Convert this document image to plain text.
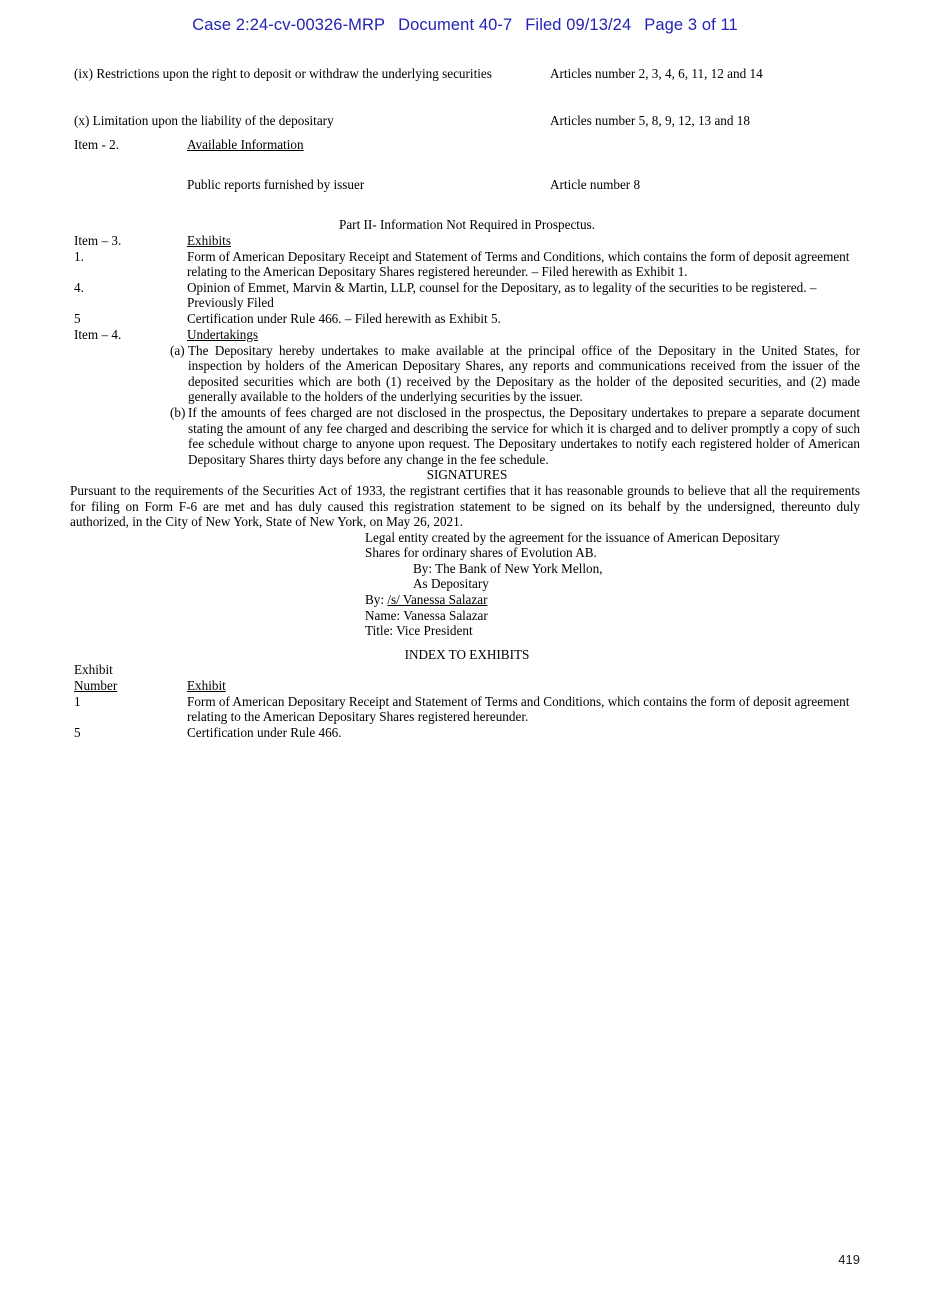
Case 2:24-cv-00326-MRP Document 40-7 Filed 09/13/24 Page 3 of 11
(ix) Restrictions upon the right to deposit or withdraw the underlying securities	Articles number 2, 3, 4, 6, 11, 12 and 14
(x) Limitation upon the liability of the depositary	Articles number 5, 8, 9, 12, 13 and 18
Item - 2.	Available Information
Public reports furnished by issuer	Article number 8
Part II- Information Not Required in Prospectus.
Item – 3.	Exhibits
1.	Form of American Depositary Receipt and Statement of Terms and Conditions, which contains the form of deposit agreement relating to the American Depositary Shares registered hereunder. – Filed herewith as Exhibit 1.
4.	Opinion of Emmet, Marvin & Martin, LLP, counsel for the Depositary, as to legality of the securities to be registered. – Previously Filed
5	Certification under Rule 466. – Filed herewith as Exhibit 5.
Item – 4.	Undertakings
(a) The Depositary hereby undertakes to make available at the principal office of the Depositary in the United States, for inspection by holders of the American Depositary Shares, any reports and communications received from the issuer of the deposited securities which are both (1) received by the Depositary as the holder of the deposited securities, and (2) made generally available to the holders of the underlying securities by the issuer.
(b) If the amounts of fees charged are not disclosed in the prospectus, the Depositary undertakes to prepare a separate document stating the amount of any fee charged and describing the service for which it is charged and to deliver promptly a copy of such fee schedule without charge to anyone upon request. The Depositary undertakes to notify each registered holder of American Depositary Shares thirty days before any change in the fee schedule.
SIGNATURES
Pursuant to the requirements of the Securities Act of 1933, the registrant certifies that it has reasonable grounds to believe that all the requirements for filing on Form F-6 are met and has duly caused this registration statement to be signed on its behalf by the undersigned, thereunto duly authorized, in the City of New York, State of New York, on May 26, 2021.
Legal entity created by the agreement for the issuance of American Depositary
Shares for ordinary shares of Evolution AB.
By: The Bank of New York Mellon,
As Depositary
By: /s/ Vanessa Salazar
Name: Vanessa Salazar
Title: Vice President
INDEX TO EXHIBITS
Exhibit
Number	Exhibit
1	Form of American Depositary Receipt and Statement of Terms and Conditions, which contains the form of deposit agreement relating to the American Depositary Shares registered hereunder.
5	Certification under Rule 466.
419
